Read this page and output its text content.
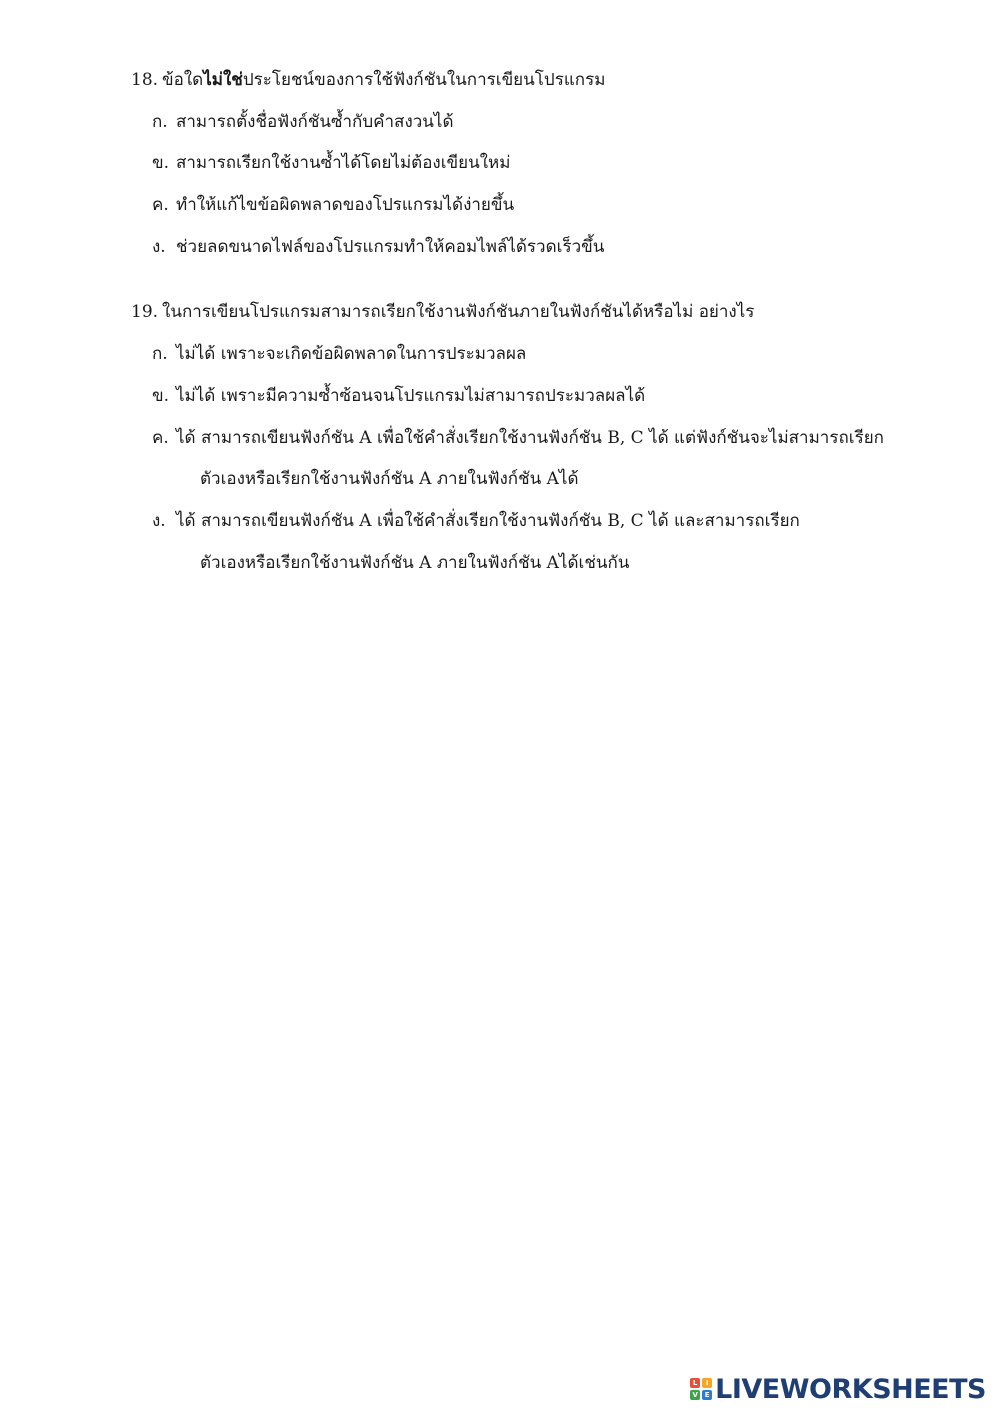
18. ข้อใดไม่ใช่ประโยชน์ของการใช้ฟังก์ชันในการเขียนโปรแกรม
ก. สามารถตั้งชื่อฟังก์ชันซ้ำกับคำสงวนได้
ข. สามารถเรียกใช้งานซ้ำได้โดยไม่ต้องเขียนใหม่
ค. ทำให้แก้ไขข้อผิดพลาดของโปรแกรมได้ง่ายขึ้น
ง. ช่วยลดขนาดไฟล์ของโปรแกรมทำให้คอมไพล์ได้รวดเร็วขึ้น
19. ในการเขียนโปรแกรมสามารถเรียกใช้งานฟังก์ชันภายในฟังก์ชันได้หรือไม่ อย่างไร
ก. ไม่ได้ เพราะจะเกิดข้อผิดพลาดในการประมวลผล
ข. ไม่ได้ เพราะมีความซ้ำซ้อนจนโปรแกรมไม่สามารถประมวลผลได้
ค. ได้ สามารถเขียนฟังก์ชัน A เพื่อใช้คำสั่งเรียกใช้งานฟังก์ชัน B, C ได้ แต่ฟังก์ชันจะไม่สามารถเรียก
ตัวเองหรือเรียกใช้งานฟังก์ชัน A ภายในฟังก์ชัน Aได้
ง. ได้ สามารถเขียนฟังก์ชัน A เพื่อใช้คำสั่งเรียกใช้งานฟังก์ชัน B, C ได้ และสามารถเรียก
ตัวเองหรือเรียกใช้งานฟังก์ชัน A ภายในฟังก์ชัน Aได้เช่นกัน
L	I
V E LIVEWORKSHEETS
